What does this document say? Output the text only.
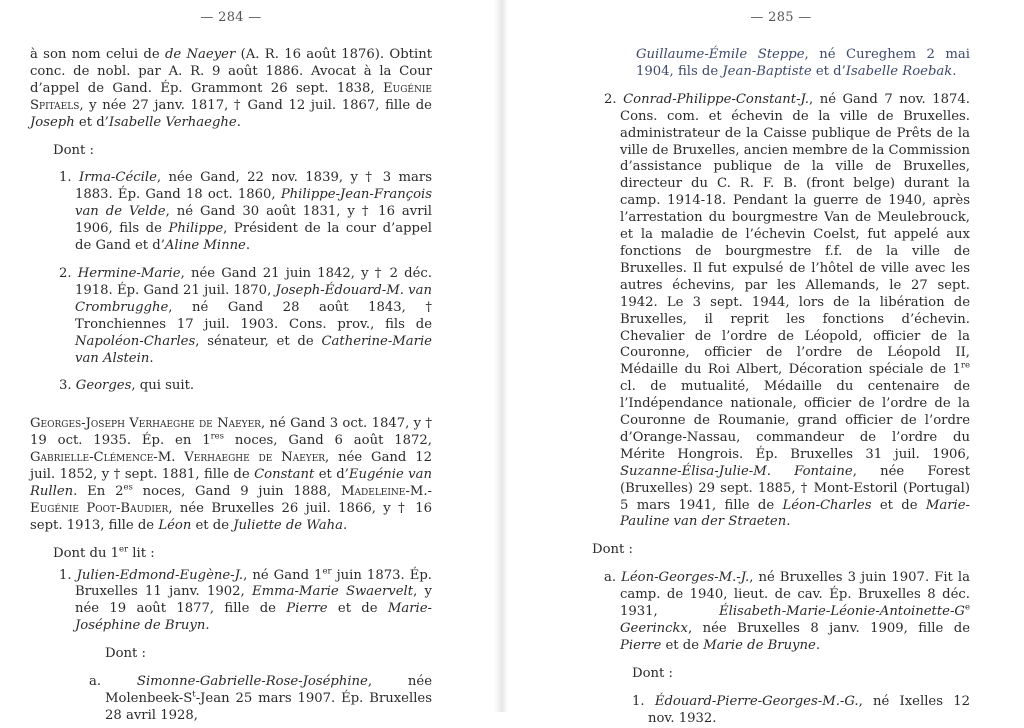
— 284 —

à son nom celui de de Naeyer (A. R. 16 août 1876). Obtint conc. de nobl. par A. R. 9 août 1886. Avocat à la Cour d’appel de Gand. Ép. Grammont 26 sept. 1838, Eugénie Spitaels, y née 27 janv. 1817, † Gand 12 juil. 1867, fille de Joseph et d’Isabelle Verhaeghe.

Dont :

1. Irma-Cécile, née Gand, 22 nov. 1839, y † 3 mars 1883. Ép. Gand 18 oct. 1860, Philippe-Jean-François van de Velde, né Gand 30 août 1831, y † 16 avril 1906, fils de Philippe, Président de la cour d’appel de Gand et d’Aline Minne.

2. Hermine-Marie, née Gand 21 juin 1842, y † 2 déc. 1918. Ép. Gand 21 juil. 1870, Joseph-Édouard-M. van Crombrugghe, né Gand 28 août 1843, † Tronchiennes 17 juil. 1903. Cons. prov., fils de Napoléon-Charles, sénateur, et de Catherine-Marie van Alstein.

3. Georges, qui suit.

Georges-Joseph Verhaeghe de Naeyer, né Gand 3 oct. 1847, y † 19 oct. 1935. Ép. en 1res noces, Gand 6 août 1872, Gabrielle-Clémence-M. Verhaeghe de Naeyer, née Gand 12 juil. 1852, y † sept. 1881, fille de Constant et d’Eugénie van Rullen. En $2^{es}$ noces, Gand 9 juin 1888, Madeleine-M.-Eugénie Poot-Baudier, née Bruxelles 26 juil. 1866, y † 16 sept. 1913, fille de Léon et de Juliette de Waha.

Dont du 1er lit :

1. Julien-Edmond-Eugène-J., né Gand 1er juin 1873. Ép. Bruxelles 11 janv. 1902, Emma-Marie Swaervelt, y née 19 août 1877, fille de Pierre et de Marie-Joséphine de Bruyn.

Dont :

a. Simonne-Gabrielle-Rose-Joséphine, née Molenbeek-$S^t$-Jean 25 mars 1907. Ép. Bruxelles 28 avril 1928,

— 285 —

Guillaume-Émile Steppe, né Cureghem 2 mai 1904, fils de Jean-Baptiste et d’Isabelle Roebak.

2. Conrad-Philippe-Constant-J., né Gand 7 nov. 1874. Cons. com. et échevin de la ville de Bruxelles. administrateur de la Caisse publique de Prêts de la ville de Bruxelles, ancien membre de la Commission d’assistance publique de la ville de Bruxelles, directeur du C. R. F. B. (front belge) durant la camp. 1914-18. Pendant la guerre de 1940, après l’arrestation du bourgmestre Van de Meulebrouck, et la maladie de l’échevin Coelst, fut appelé aux fonctions de bourgmestre f.f. de la ville de Bruxelles. Il fut expulsé de l’hôtel de ville avec les autres échevins, par les Allemands, le 27 sept. 1942. Le 3 sept. 1944, lors de la libération de Bruxelles, il reprit les fonctions d’échevin. Chevalier de l’ordre de Léopold, officier de la Couronne, officier de l’ordre de Léopold II, Médaille du Roi Albert, Décoration spéciale de 1re cl. de mutualité, Médaille du centenaire de l’Indépendance nationale, officier de l’ordre de la Couronne de Roumanie, grand officier de l’ordre d’Orange-Nassau, commandeur de l’ordre du Mérite Hongrois. Ép. Bruxelles 31 juil. 1906, Suzanne-Élisa-Julie-M. Fontaine, née Forest (Bruxelles) 29 sept. 1885, † Mont-Estoril (Portugal) 5 mars 1941, fille de Léon-Charles et de Marie-Pauline van der Straeten.

Dont :

a. Léon-Georges-M.-J., né Bruxelles 3 juin 1907. Fit la camp. de 1940, lieut. de cav. Ép. Bruxelles 8 déc. 1931, Élisabeth-$Marie-Léonie-Antoinette-G^e$ Geerinckx, née Bruxelles 8 janv. 1909, fille de Pierre et de Marie de Bruyne.

Dont :

1. Édouard-Pierre-Georges-M.-G., né Ixelles 12 nov. 1932.
